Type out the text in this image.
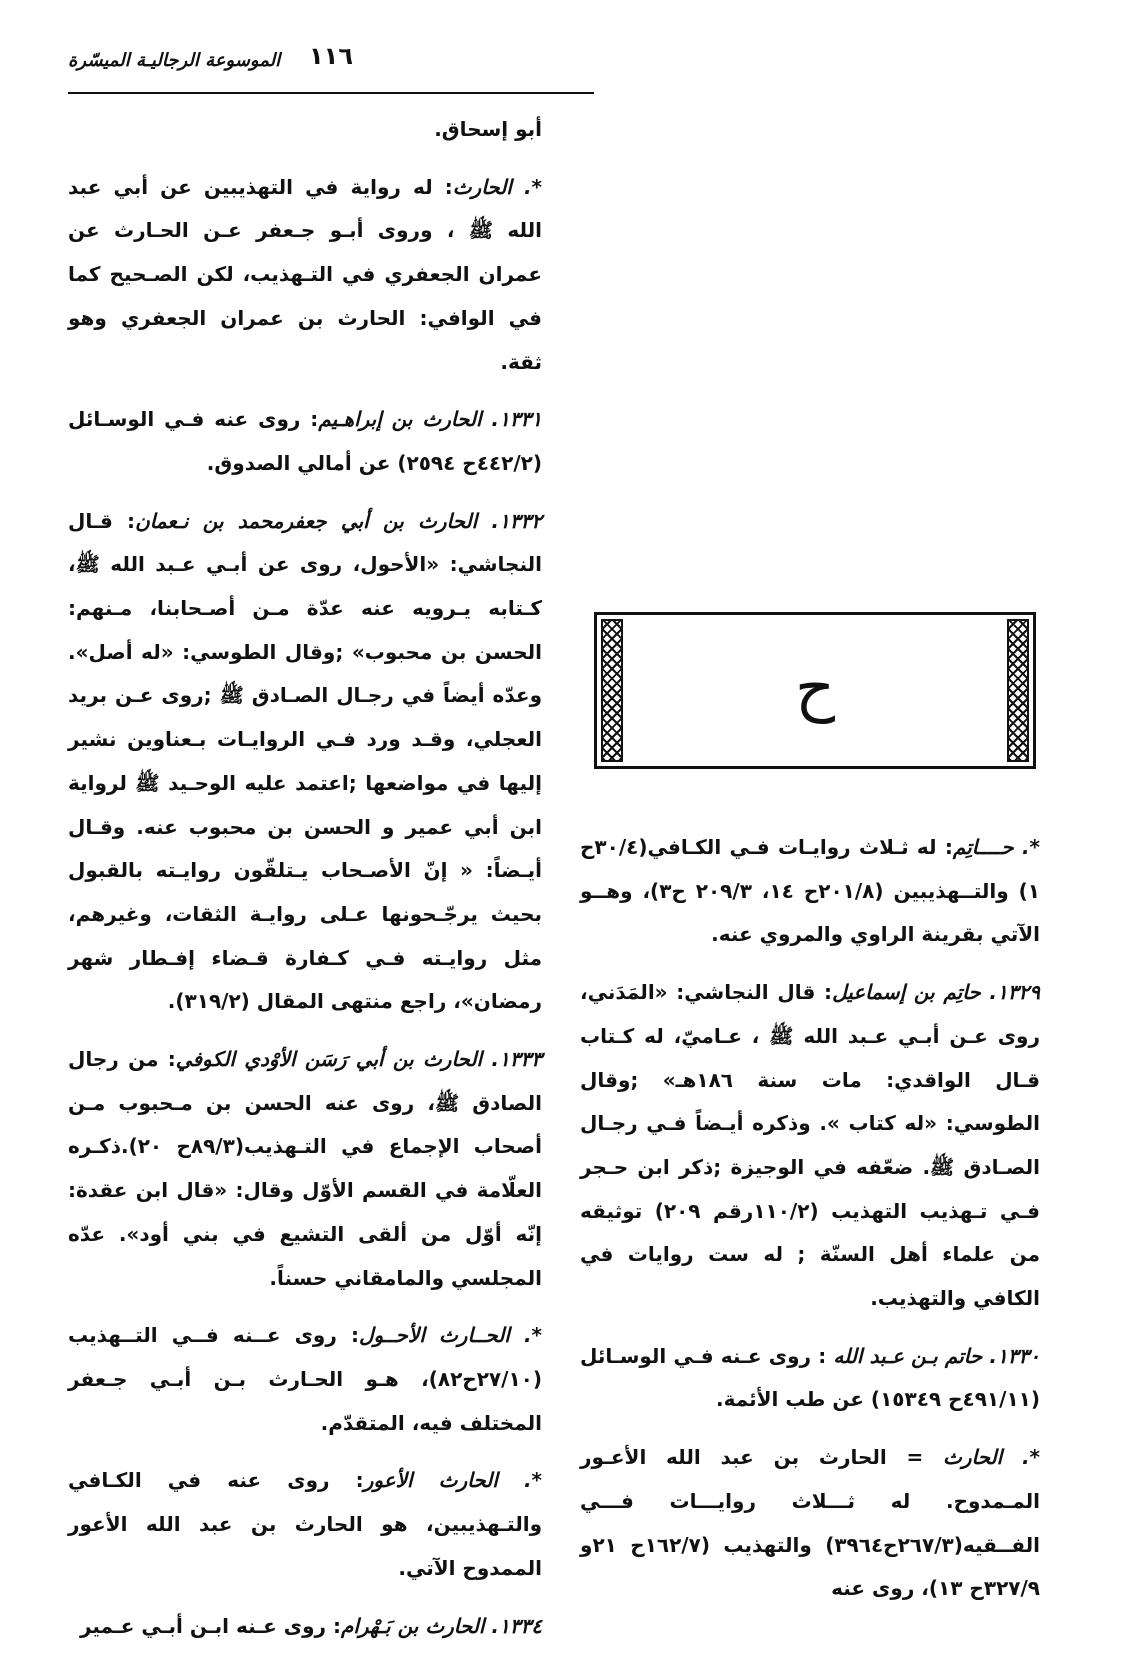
١١٦
الموسوعة الرجاليـة الميسّرة

أبو إسحاق.

*. الحارث: له رواية في التهذيبين عن أبي عبد الله ﷺ ، وروى أبـو جـعفر عـن الحـارث عن عمران الجعفري في التـهذيب، لكن الصـحيح كما في الوافي: الحارث بن عمران الجعفري وهو ثقة.

١٣٣١. الحارث بن إبراهـيم: روى عنه فـي الوسـائل (٤٤٢/٢ح ٢٥٩٤) عن أمالي الصدوق.

١٣٣٢. الحارث بن أبي جعفرمحمد بن نـعمان: قـال النجاشي: «الأحول، روى عن أبـي عـبد الله ﷺ، كـتابه يـرويه عنه عدّة مـن أصـحابنا، مـنهم: الحسن بن محبوب» ;وقال الطوسي: «له أصل». وعدّه أيضاً في رجـال الصـادق ﷺ ;روى عـن بريد العجلي، وقـد ورد فـي الروايـات بـعناوين نشير إليها في مواضعها ;اعتمد عليه الوحـيد ﷺ لرواية ابن أبي عمير و الحسن بن محبوب عنه. وقـال أيـضاً: « إنّ الأصـحاب يـتلقّون روايـته بالقبول بحيث يرجّـحونها عـلى روايـة الثقات، وغيرهم، مثل روايـته فـي كـفارة قـضاء إفـطار شهر رمضان»، راجع منتهى المقال (٣١٩/٢).

١٣٣٣. الحارث بن أبي رَسَن الأوْدي الكوفي: من رجال الصادق ﷺ، روى عنه الحسن بن مـحبوب مـن أصحاب الإجماع في التـهذيب(٨٩/٣ح ٢٠).ذكـره العلّامة في القسم الأوّل وقال: «قال ابن عقدة: إنّه أوّل من ألقى التشيع في بني أود». عدّه المجلسي والمامقاني حسناً.

*. الحــارث الأحــول: روى عــنه فــي التــهذيب (٢٧/١٠ح٨٢)، هـو الحـارث بـن أبـي جـعفر المختلف فيه، المتقدّم.

*. الحارث الأعور: روى عنه في الكـافي والتـهذيبين، هو الحارث بن عبد الله الأعور الممدوح الآتي.

١٣٣٤. الحارث بن بَـهْرام: روى عـنه ابـن أبـي عـمير

ح

*. حــــاتِم: له ثـلاث روايـات فـي الكـافي(٣٠/٤ح ١) والتــهذيبين (٢٠١/٨ح ١٤، ٢٠٩/٣ ح٣)، وهــو الآتي بقرينة الراوي والمروي عنه.

١٣٢٩. حاتِم بن إسماعيل: قال النجاشي: «المَدَني، روى عـن أبـي عـبد الله ﷺ ، عـاميّ، له كـتاب قـال الواقدي: مات سنة ١٨٦هـ» ;وقال الطوسي: «له كتاب ». وذكره أيـضاً فـي رجـال الصـادق ﷺ. ضعّفه في الوجيزة ;ذكر ابن حـجر فـي تـهذيب التهذيب (١١٠/٢رقم ٢٠٩) توثيقه من علماء أهل السنّة ; له ست روايات في الكافي والتهذيب.

١٣٣٠. حاتم بـن عـبد الله : روى عـنه فـي الوسـائل (٤٩١/١١ح ١٥٣٤٩) عن طب الأئمة.

*. الحارث = الحارث بن عبد الله الأعـور المـمدوح. له ثـــلاث روايـــات فـــي الفــقيه(٢٦٧/٣ح٣٩٦٤) والتهذيب (١٦٢/٧ح ٢١و ٣٢٧/٩ح ١٣)، روى عنه
